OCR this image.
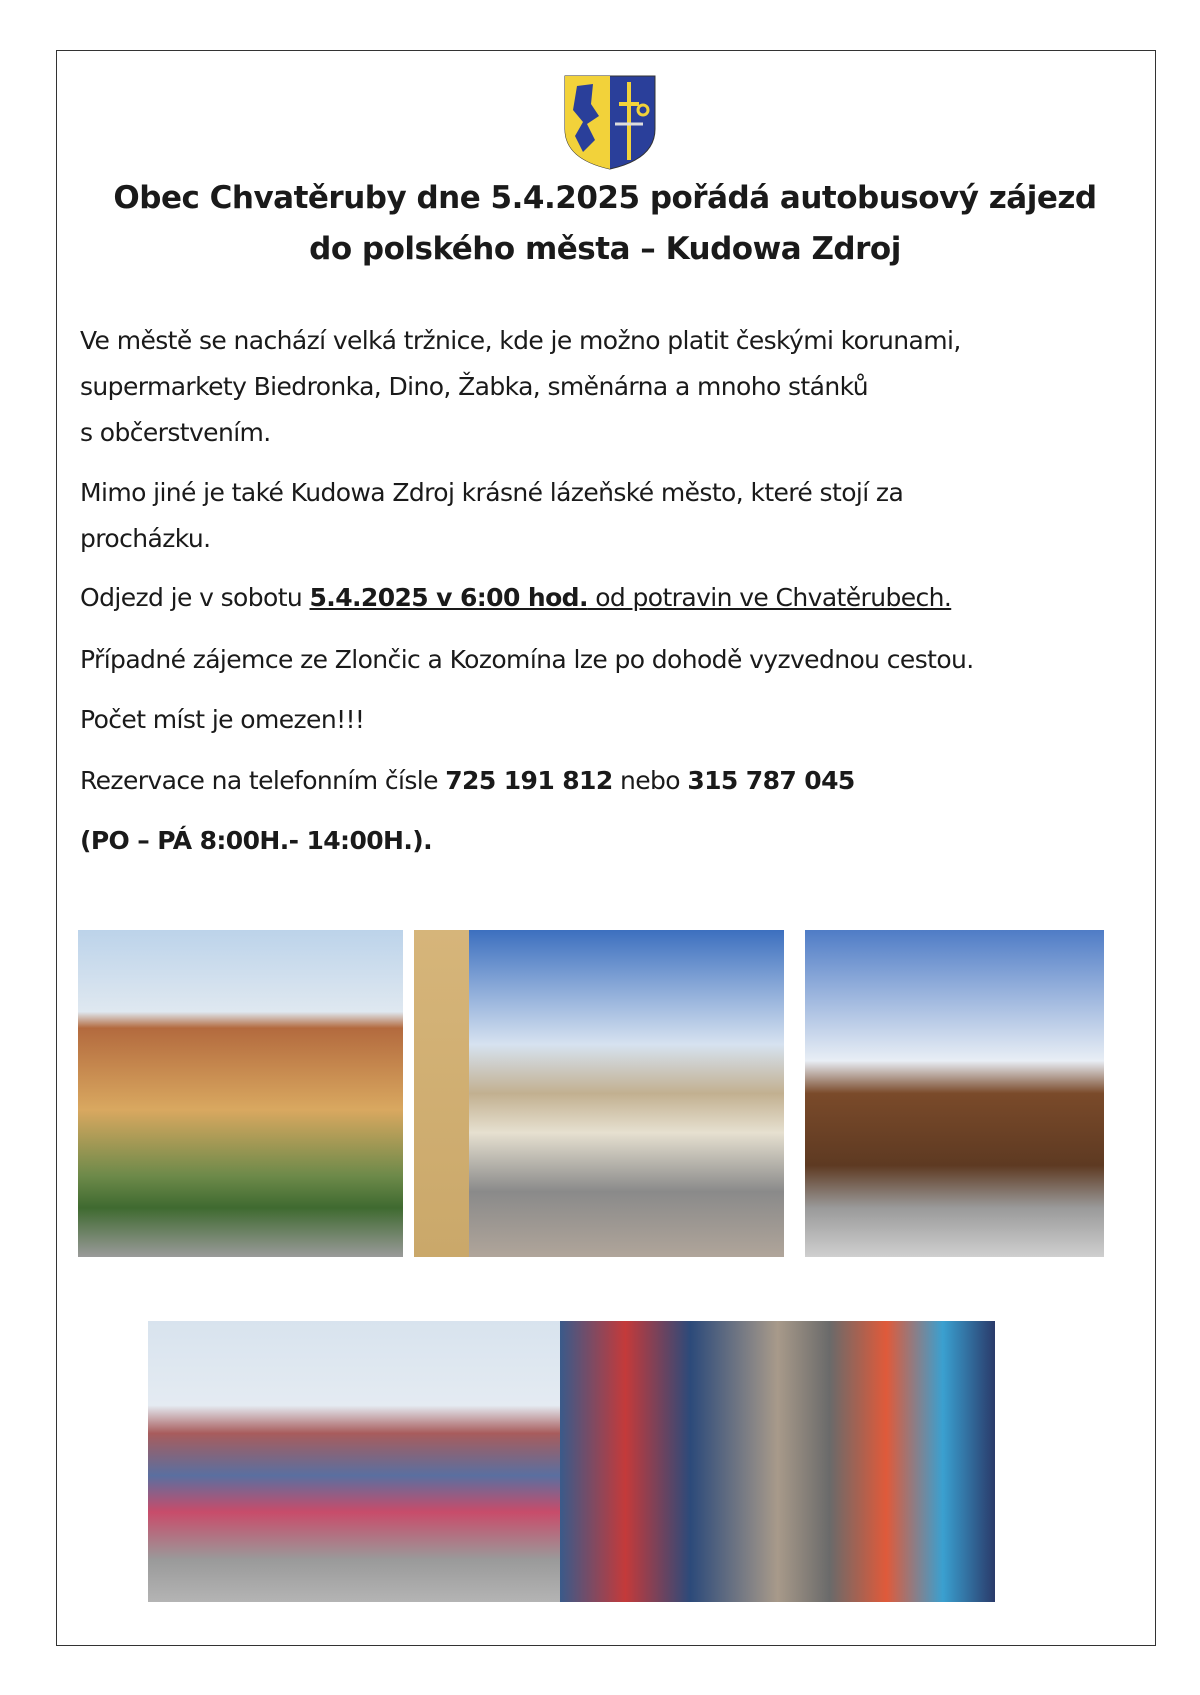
Obec Chvatěruby dne 5.4.2025 pořádá autobusový zájezd
do polského města – Kudowa Zdroj
Ve městě se nachází velká tržnice, kde je možno platit českými korunami,
supermarkety Biedronka, Dino, Žabka, směnárna a mnoho stánků
s občerstvením.
Mimo jiné je také Kudowa Zdroj krásné lázeňské město, které stojí za
procházku.
Odjezd je v sobotu 5.4.2025 v 6:00 hod. od potravin ve Chvatěrubech.
Případné zájemce ze Zlončic a Kozomína lze po dohodě vyzvednou cestou.
Počet míst je omezen!!!
Rezervace na telefonním čísle 725 191 812 nebo 315 787 045
(PO – PÁ 8:00H.- 14:00H.).
